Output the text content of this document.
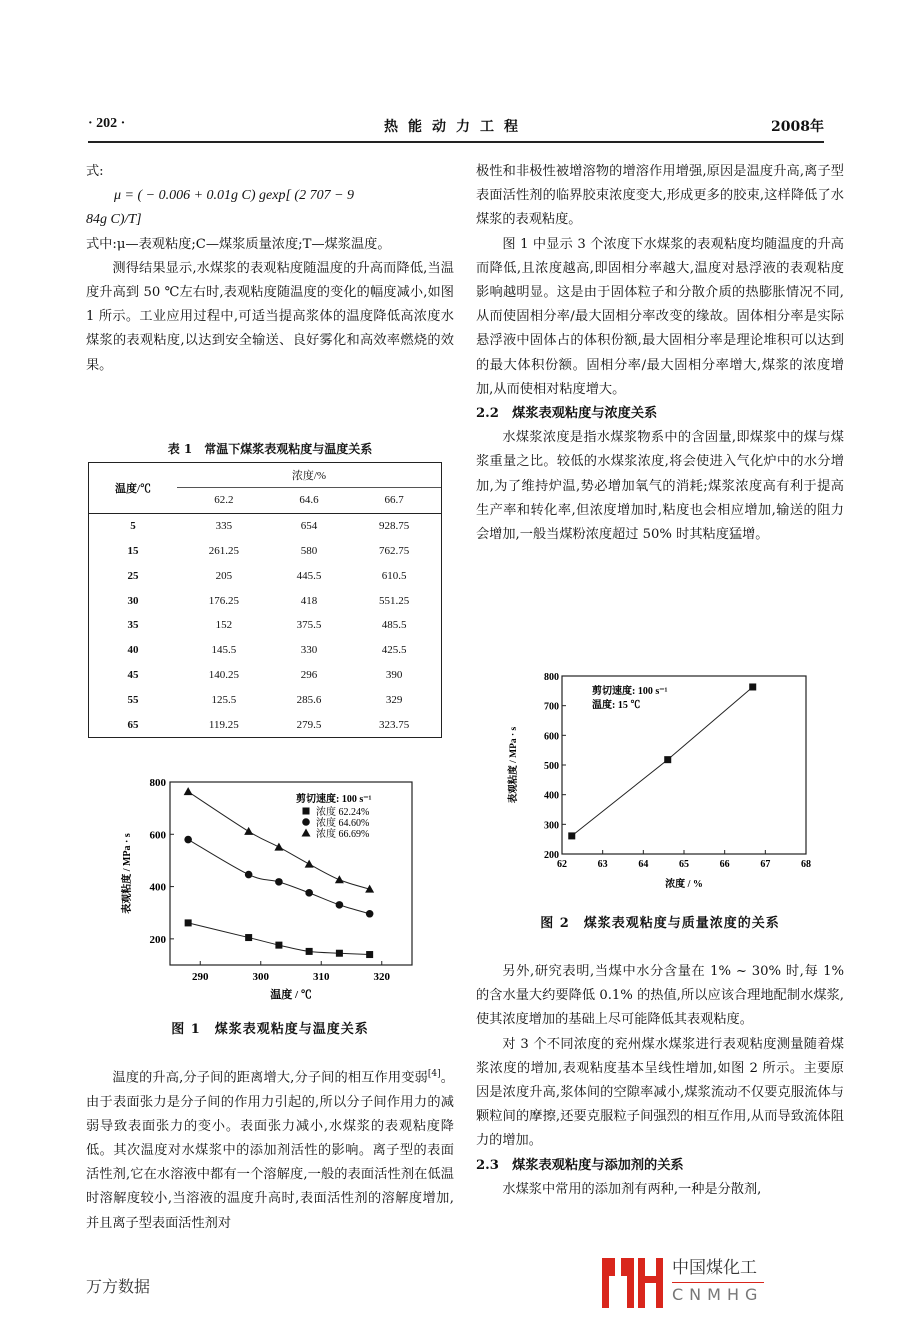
· 202 ·	热能动力工程	2008年

式:

μ = ( − 0.006 + 0.01g C) gexp[ (2 707 − 9

84g C)/T]

式中:μ—表观粘度;C—煤浆质量浓度;T—煤浆温度。

测得结果显示,水煤浆的表观粘度随温度的升高而降低,当温度升高到 50 ℃左右时,表观粘度随温度的变化的幅度减小,如图 1 所示。工业应用过程中,可适当提高浆体的温度降低高浓度水煤浆的表观粘度,以达到安全输送、良好雾化和高效率燃烧的效果。

表 1　常温下煤浆表观粘度与温度关系
温度/℃	浓度/%		
	62.2	64.6	66.7
5	335	654	928.75
15	261.25	580	762.75
25	205	445.5	610.5
30	176.25	418	551.25
35	152	375.5	485.5
40	145.5	330	425.5
45	140.25	296	390
55	125.5	285.6	329
65	119.25	279.5	323.75
290	300	310	320
200
400
600
800
温度 / ℃
表观粘度 / MPa · s
剪切速度: 100 s⁻¹
浓度 62.24%
浓度 64.60%
浓度 66.69%
图 1　煤浆表观粘度与温度关系

温度的升高,分子间的距离增大,分子间的相互作用变弱[4]。由于表面张力是分子间的作用力引起的,所以分子间作用力的减弱导致表面张力的变小。表面张力减小,水煤浆的表观粘度降低。其次温度对水煤浆中的添加剂活性的影响。离子型的表面活性剂,它在水溶液中都有一个溶解度,一般的表面活性剂在低温时溶解度较小,当溶液的温度升高时,表面活性剂的溶解度增加,并且离子型表面活性剂对

极性和非极性被增溶物的增溶作用增强,原因是温度升高,离子型表面活性剂的临界胶束浓度变大,形成更多的胶束,这样降低了水煤浆的表观粘度。

图 1 中显示 3 个浓度下水煤浆的表观粘度均随温度的升高而降低,且浓度越高,即固相分率越大,温度对悬浮液的表观粘度影响越明显。这是由于固体粒子和分散介质的热膨胀情况不同,从而使固相分率/最大固相分率改变的缘故。固体相分率是实际悬浮液中固体占的体积份额,最大固相分率是理论堆积可以达到的最大体积份额。固相分率/最大固相分率增大,煤浆的浓度增加,从而使相对粘度增大。

2.2　煤浆表观粘度与浓度关系

水煤浆浓度是指水煤浆物系中的含固量,即煤浆中的煤与煤浆重量之比。较低的水煤浆浓度,将会使进入气化炉中的水分增加,为了维持炉温,势必增加氧气的消耗;煤浆浓度高有利于提高生产率和转化率,但浓度增加时,粘度也会相应增加,输送的阻力会增加,一般当煤粉浓度超过 50% 时其粘度猛增。

62	63	64	65	66	67	68
200
300
400
500
600
700
800
浓度 / %
表观粘度 / MPa · s
剪切速度: 100 s⁻¹
温度: 15 ℃
图 2　煤浆表观粘度与质量浓度的关系

另外,研究表明,当煤中水分含量在 1% ~ 30% 时,每 1% 的含水量大约要降低 0.1% 的热值,所以应该合理地配制水煤浆,使其浓度增加的基础上尽可能降低其表观粘度。

对 3 个不同浓度的兖州煤水煤浆进行表观粘度测量随着煤浆浓度的增加,表观粘度基本呈线性增加,如图 2 所示。主要原因是浓度升高,浆体间的空隙率减小,煤浆流动不仅要克服流体与颗粒间的摩擦,还要克服粒子间强烈的相互作用,从而导致流体阻力的增加。

2.3　煤浆表观粘度与添加剂的关系

水煤浆中常用的添加剂有两种,一种是分散剂,

中国煤化工
CNMHG
万方数据
